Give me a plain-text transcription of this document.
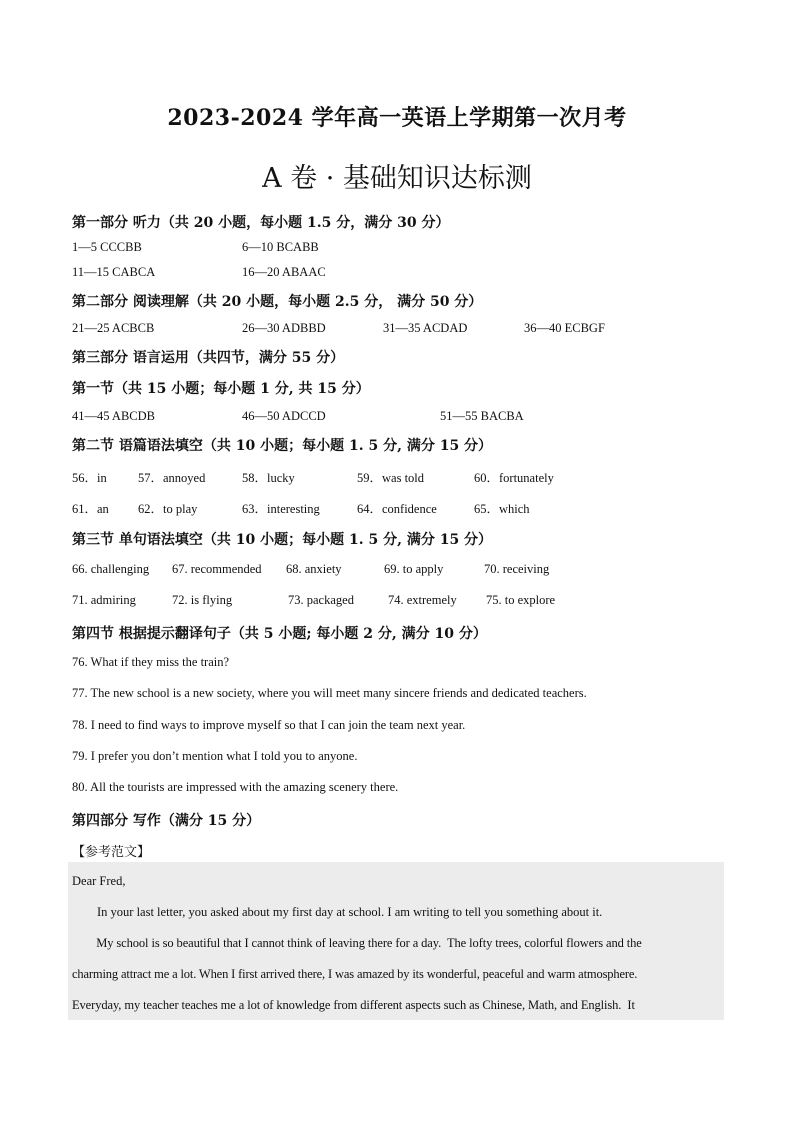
2023-2024 学年高一英语上学期第一次月考
A 卷 · 基础知识达标测
第一部分 听力（共 20 小题，每小题 1.5 分，满分 30 分）
1—5 CCCBB	6—10 BCABB
11—15 CABCA	16—20 ABAAC
第二部分 阅读理解（共 20 小题，每小题 2.5 分， 满分 50 分）
21—25 ACBCB	26—30 ADBBD	31—35 ACDAD	36—40 ECBGF
第三部分 语言运用（共四节，满分 55 分）
第一节（共 15 小题；每小题 1 分, 共 15 分）
41—45 ABCDB	46—50 ADCCD	51—55 BACBA
第二节 语篇语法填空（共 10 小题；每小题 1. 5 分, 满分 15 分）
56．in	57．annoyed	58．lucky	59．was told	60．fortunately
61．an 62．to play	63．interesting	64．confidence	65．which
第三节 单句语法填空（共 10 小题；每小题 1. 5 分, 满分 15 分）
66. challenging 67. recommended 68. anxiety	69. to apply	70. receiving
71. admiring	72. is flying	73. packaged	74. extremely 75. to explore
第四节 根据提示翻译句子（共 5 小题; 每小题 2 分, 满分 10 分）
76. What if they miss the train?
77. The new school is a new society, where you will meet many sincere friends and dedicated teachers.
78. I need to find ways to improve myself so that I can join the team next year.
79. I prefer you don’t mention what I told you to anyone.
80. All the tourists are impressed with the amazing scenery there.
第四部分 写作（满分 15 分）
【参考范文】
Dear Fred,
In your last letter, you asked about my first day at school. I am writing to tell you something about it.
My school is so beautiful that I cannot think of leaving there for a day.  The lofty trees, colorful flowers and the
charming attract me a lot. When I first arrived there, I was amazed by its wonderful, peaceful and warm atmosphere.
Everyday, my teacher teaches me a lot of knowledge from different aspects such as Chinese, Math, and English.  It
